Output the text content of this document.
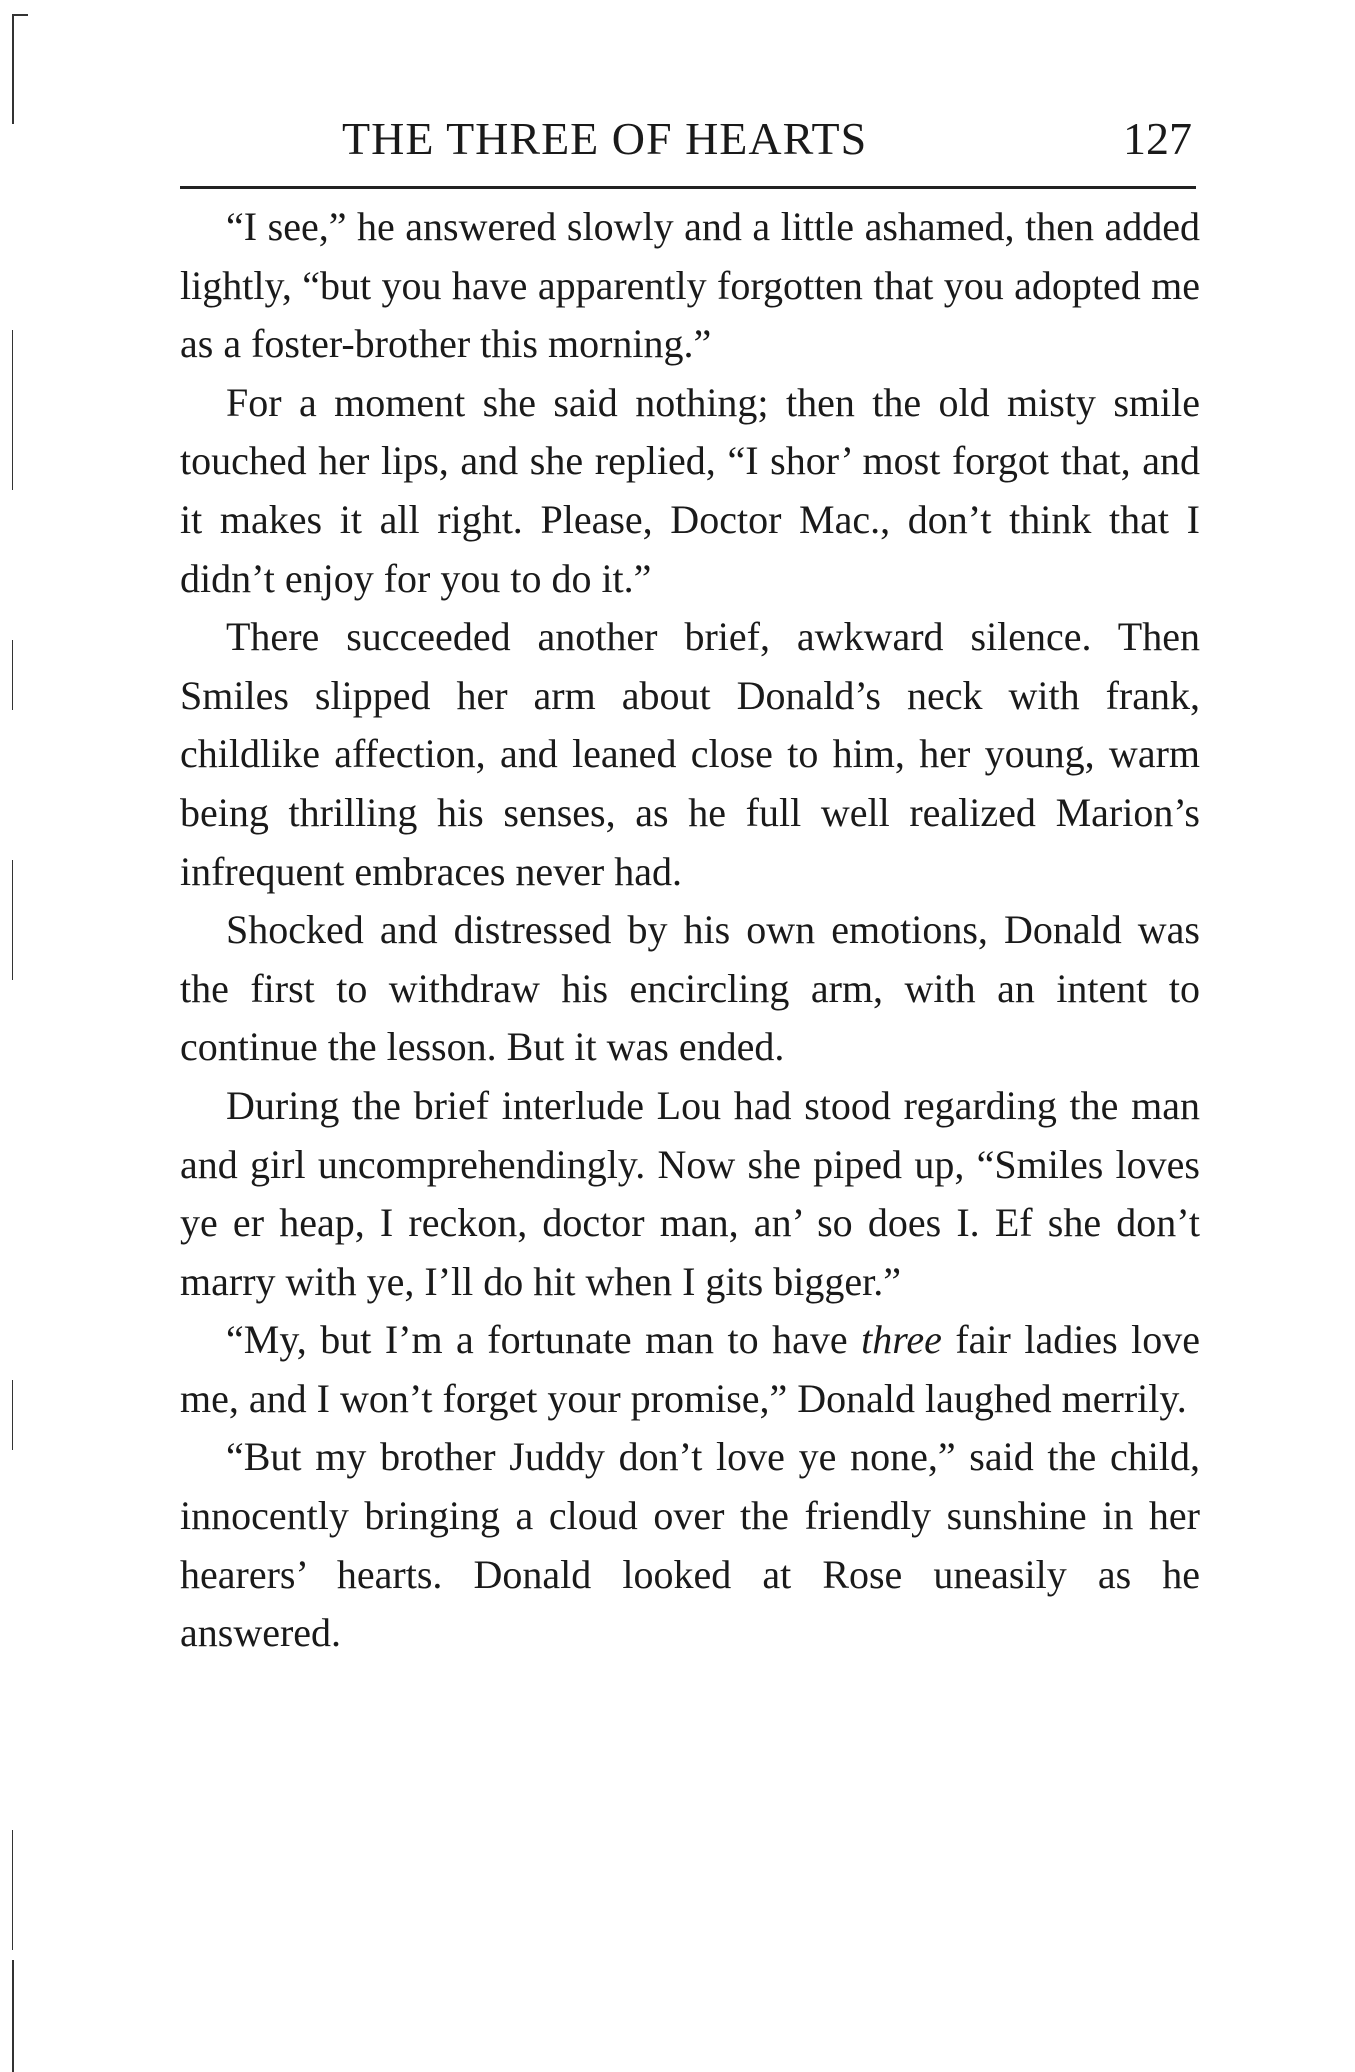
THE THREE OF HEARTS	127

“I see,” he answered slowly and a little ashamed, then added lightly, “but you have apparently forgotten that you adopted me as a foster-brother this morning.”

For a moment she said nothing; then the old misty smile touched her lips, and she replied, “I shor’ most forgot that, and it makes it all right. Please, Doctor Mac., don’t think that I didn’t enjoy for you to do it.”

There succeeded another brief, awkward silence. Then Smiles slipped her arm about Donald’s neck with frank, childlike affection, and leaned close to him, her young, warm being thrilling his senses, as he full well realized Marion’s infrequent embraces never had.

Shocked and distressed by his own emotions, Donald was the first to withdraw his encircling arm, with an intent to continue the lesson. But it was ended.

During the brief interlude Lou had stood regarding the man and girl uncomprehendingly. Now she piped up, “Smiles loves ye er heap, I reckon, doctor man, an’ so does I. Ef she don’t marry with ye, I’ll do hit when I gits bigger.”

“My, but I’m a fortunate man to have three fair ladies love me, and I won’t forget your promise,” Donald laughed merrily.

“But my brother Juddy don’t love ye none,” said the child, innocently bringing a cloud over the friendly sunshine in her hearers’ hearts. Donald looked at Rose uneasily as he answered.
